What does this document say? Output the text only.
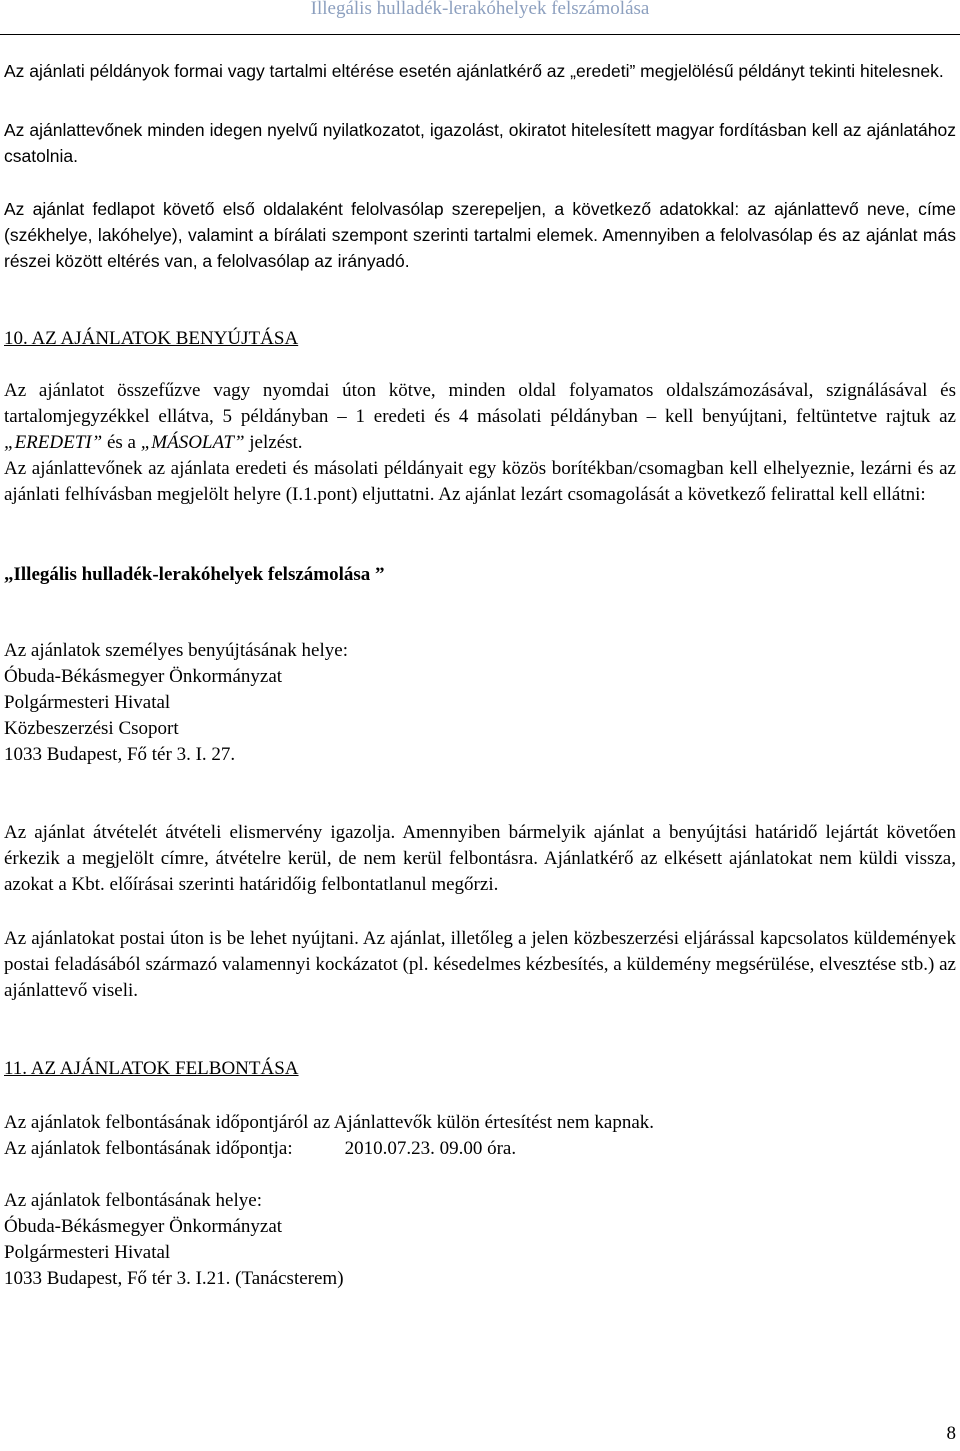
Illegális hulladék-lerakóhelyek felszámolása
Az ajánlati példányok formai vagy tartalmi eltérése esetén ajánlatkérő az „eredeti” megjelölésű példányt tekinti hitelesnek.
Az ajánlattevőnek minden idegen nyelvű nyilatkozatot, igazolást, okiratot hitelesített magyar fordításban kell az ajánlatához csatolnia.
Az ajánlat fedlapot követő első oldalaként felolvasólap szerepeljen, a következő adatokkal: az ajánlattevő neve, címe (székhelye, lakóhelye), valamint a bírálati szempont szerinti tartalmi elemek. Amennyiben a felolvasólap és az ajánlat más részei között eltérés van, a felolvasólap az irányadó.
10. AZ AJÁNLATOK BENYÚJTÁSA
Az ajánlatot összefűzve vagy nyomdai úton kötve, minden oldal folyamatos oldalszámozásával, szignálásával és tartalomjegyzékkel ellátva, 5 példányban – 1 eredeti és 4 másolati példányban – kell benyújtani, feltüntetve rajtuk az „EREDETI” és a „MÁSOLAT” jelzést.
Az ajánlattevőnek az ajánlata eredeti és másolati példányait egy közös borítékban/csomagban kell elhelyeznie, lezárni és az ajánlati felhívásban megjelölt helyre (I.1.pont) eljuttatni. Az ajánlat lezárt csomagolását a következő felirattal kell ellátni:
„Illegális hulladék-lerakóhelyek felszámolása ”
Az ajánlatok személyes benyújtásának helye:
Óbuda-Békásmegyer Önkormányzat
Polgármesteri Hivatal
Közbeszerzési Csoport
1033 Budapest, Fő tér 3. I. 27.
Az ajánlat átvételét átvételi elismervény igazolja. Amennyiben bármelyik ajánlat a benyújtási határidő lejártát követően érkezik a megjelölt címre, átvételre kerül, de nem kerül felbontásra. Ajánlatkérő az elkésett ajánlatokat nem küldi vissza, azokat a Kbt. előírásai szerinti határidőig felbontatlanul megőrzi.
Az ajánlatokat postai úton is be lehet nyújtani. Az ajánlat, illetőleg a jelen közbeszerzési eljárással kapcsolatos küldemények postai feladásából származó valamennyi kockázatot (pl. késedelmes kézbesítés, a küldemény megsérülése, elvesztése stb.) az ajánlattevő viseli.
11. AZ AJÁNLATOK FELBONTÁSA
Az ajánlatok felbontásának időpontjáról az Ajánlattevők külön értesítést nem kapnak.
Az ajánlatok felbontásának időpontja:	2010.07.23. 09.00 óra.
Az ajánlatok felbontásának helye:
Óbuda-Békásmegyer Önkormányzat
Polgármesteri Hivatal
1033 Budapest, Fő tér 3. I.21. (Tanácsterem)
8
